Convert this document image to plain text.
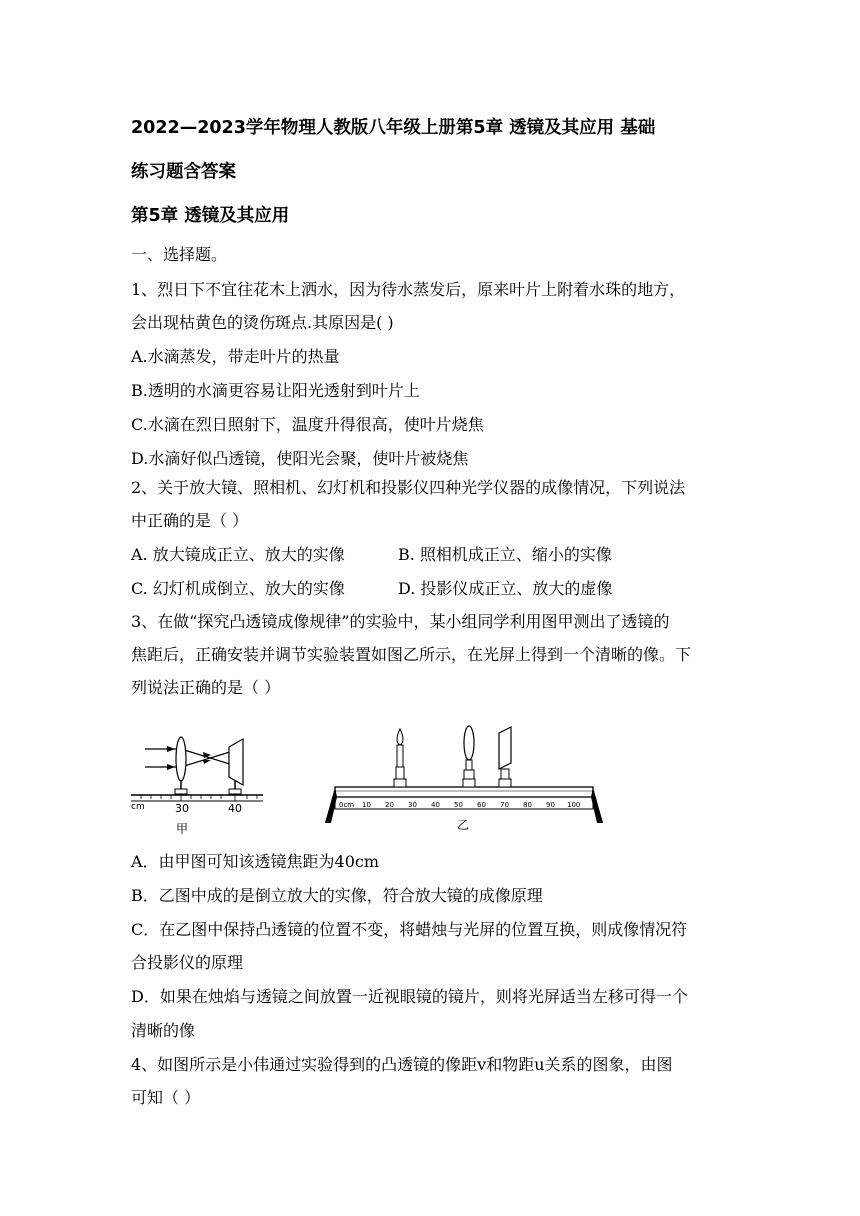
2022—2023学年物理人教版八年级上册第5章 透镜及其应用 基础
练习题含答案
第5章 透镜及其应用
一、选择题。
1、烈日下不宜往花木上洒水，因为待水蒸发后，原来叶片上附着水珠的地方，
会出现枯黄色的烫伤斑点.其原因是( )
A.水滴蒸发，带走叶片的热量
B.透明的水滴更容易让阳光透射到叶片上
C.水滴在烈日照射下，温度升得很高，使叶片烧焦
D.水滴好似凸透镜，使阳光会聚，使叶片被烧焦
2、关于放大镜、照相机、幻灯机和投影仪四种光学仪器的成像情况，下列说法
中正确的是（ ）
A. 放大镜成正立、放大的实像	B. 照相机成正立、缩小的实像
C. 幻灯机成倒立、放大的实像	D. 投影仪成正立、放大的虚像
3、在做“探究凸透镜成像规律”的实验中，某小组同学利用图甲测出了透镜的
焦距后，正确安装并调节实验装置如图乙所示，在光屏上得到一个清晰的像。下
列说法正确的是（ ）
cm	30	40
甲
0cm 10 20 30 40 50 60 70 80 90 100
乙
A．由甲图可知该透镜焦距为40cm
B．乙图中成的是倒立放大的实像，符合放大镜的成像原理
C．在乙图中保持凸透镜的位置不变，将蜡烛与光屏的位置互换，则成像情况符
合投影仪的原理
D．如果在烛焰与透镜之间放置一近视眼镜的镜片，则将光屏适当左移可得一个
清晰的像
4、如图所示是小伟通过实验得到的凸透镜的像距v和物距u关系的图象，由图
可知（ ）
